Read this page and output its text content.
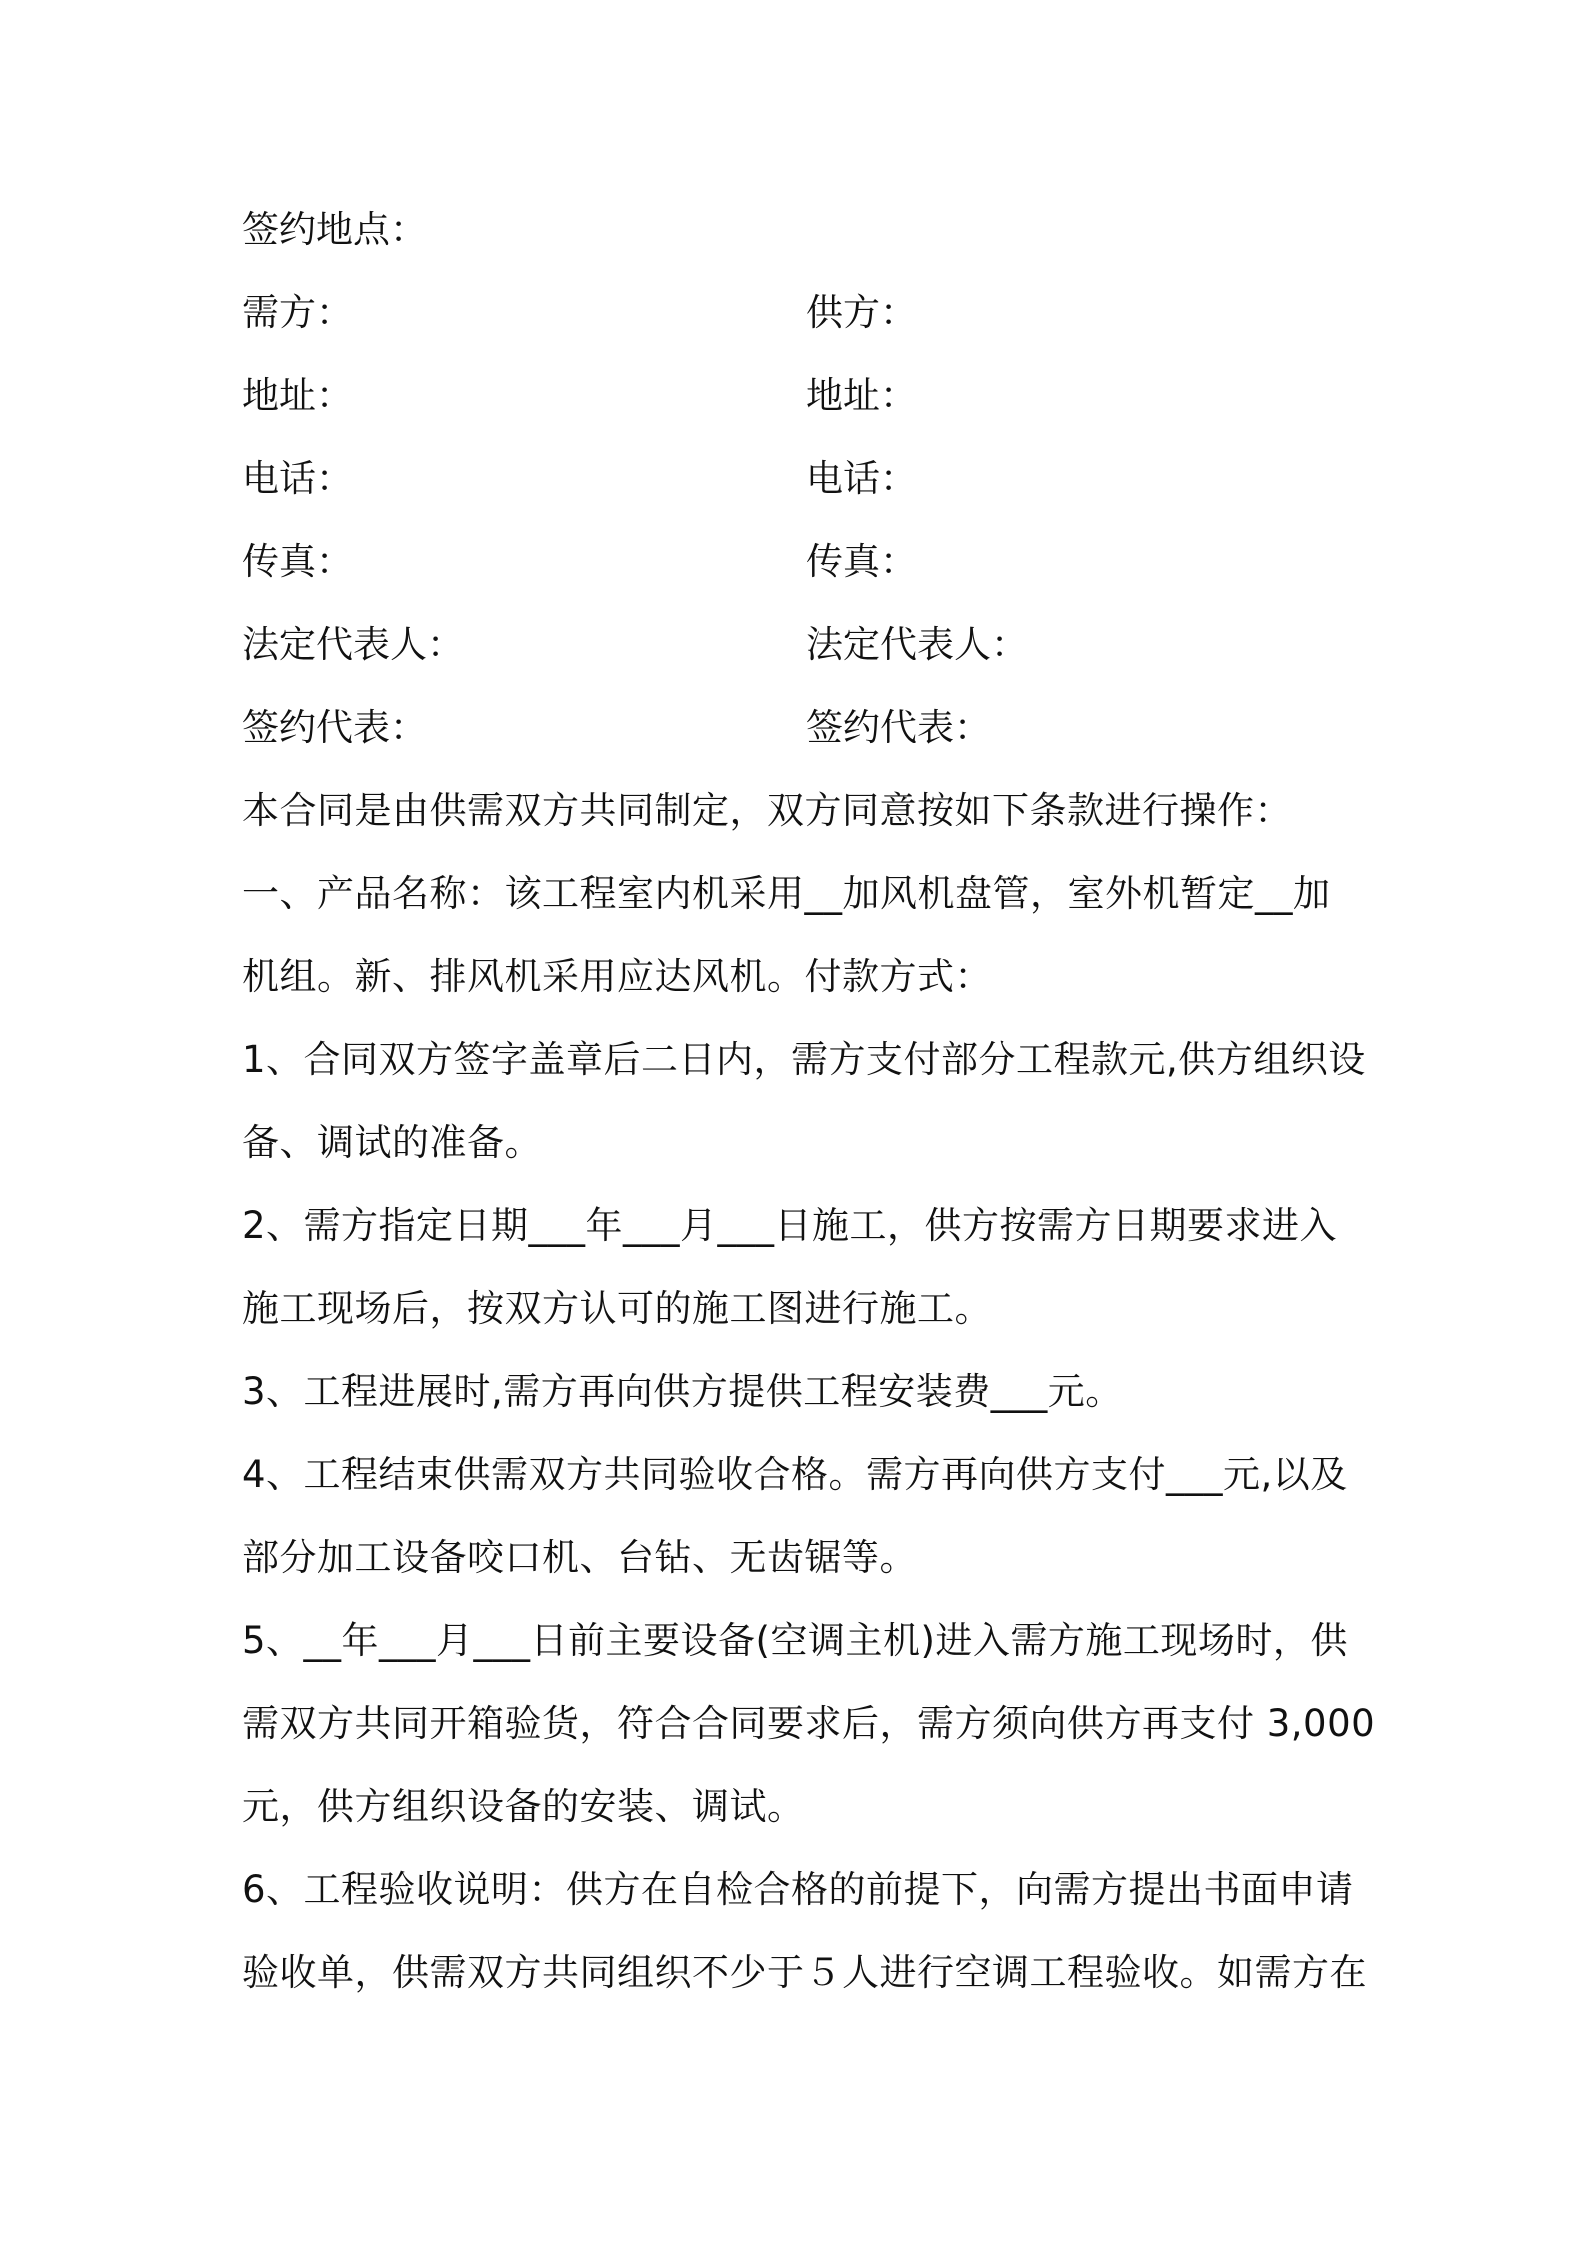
签约地点：
需方：	供方：
地址：	地址：
电话：	电话：
传真：	传真：
法定代表人：	法定代表人：
签约代表：	签约代表：
本合同是由供需双方共同制定，双方同意按如下条款进行操作：
一、产品名称：该工程室内机采用__加风机盘管，室外机暂定__加
机组。新、排风机采用应达风机。付款方式：
1、合同双方签字盖章后二日内，需方支付部分工程款元,供方组织设
备、调试的准备。
2、需方指定日期___年___月___日施工，供方按需方日期要求进入
施工现场后，按双方认可的施工图进行施工。
3、工程进展时,需方再向供方提供工程安装费___元。
4、工程结束供需双方共同验收合格。需方再向供方支付___元,以及
部分加工设备咬口机、台钻、无齿锯等。
5、__年___月___日前主要设备(空调主机)进入需方施工现场时，供
需双方共同开箱验货，符合合同要求后，需方须向供方再支付 3,000
元，供方组织设备的安装、调试。
6、工程验收说明：供方在自检合格的前提下，向需方提出书面申请
验收单，供需双方共同组织不少于５人进行空调工程验收。如需方在
